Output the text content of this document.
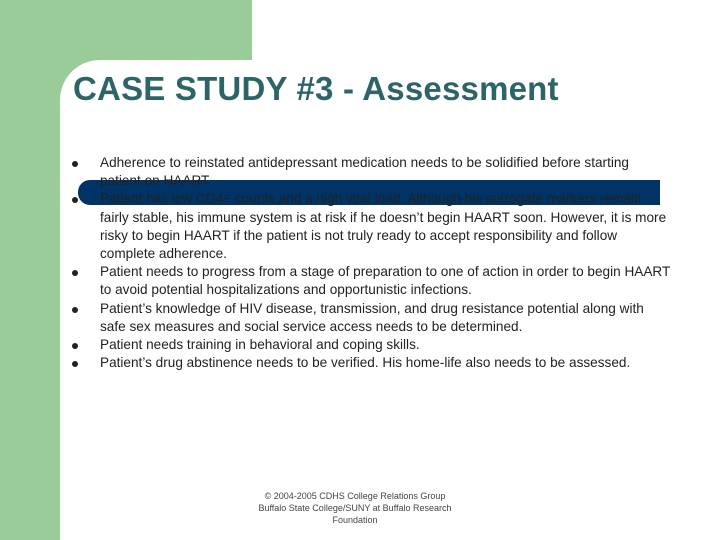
CASE STUDY #3 - Assessment
Adherence to reinstated antidepressant medication needs to be solidified before starting patient on HAART.
Patient has low CD4+ counts and a high viral load. Although his surrogate markers remain fairly stable, his immune system is at risk if he doesn’t begin HAART soon. However, it is more risky to begin HAART if the patient is not truly ready to accept responsibility and follow complete adherence.
Patient needs to progress from a stage of preparation to one of action in order to begin HAART to avoid potential hospitalizations and opportunistic infections.
Patient’s knowledge of HIV disease, transmission, and drug resistance potential along with safe sex measures and social service access needs to be determined.
Patient needs training in behavioral and coping skills.
Patient’s drug abstinence needs to be verified. His home-life also needs to be assessed.
© 2004-2005 CDHS College Relations Group
Buffalo State College/SUNY at Buffalo Research
Foundation
